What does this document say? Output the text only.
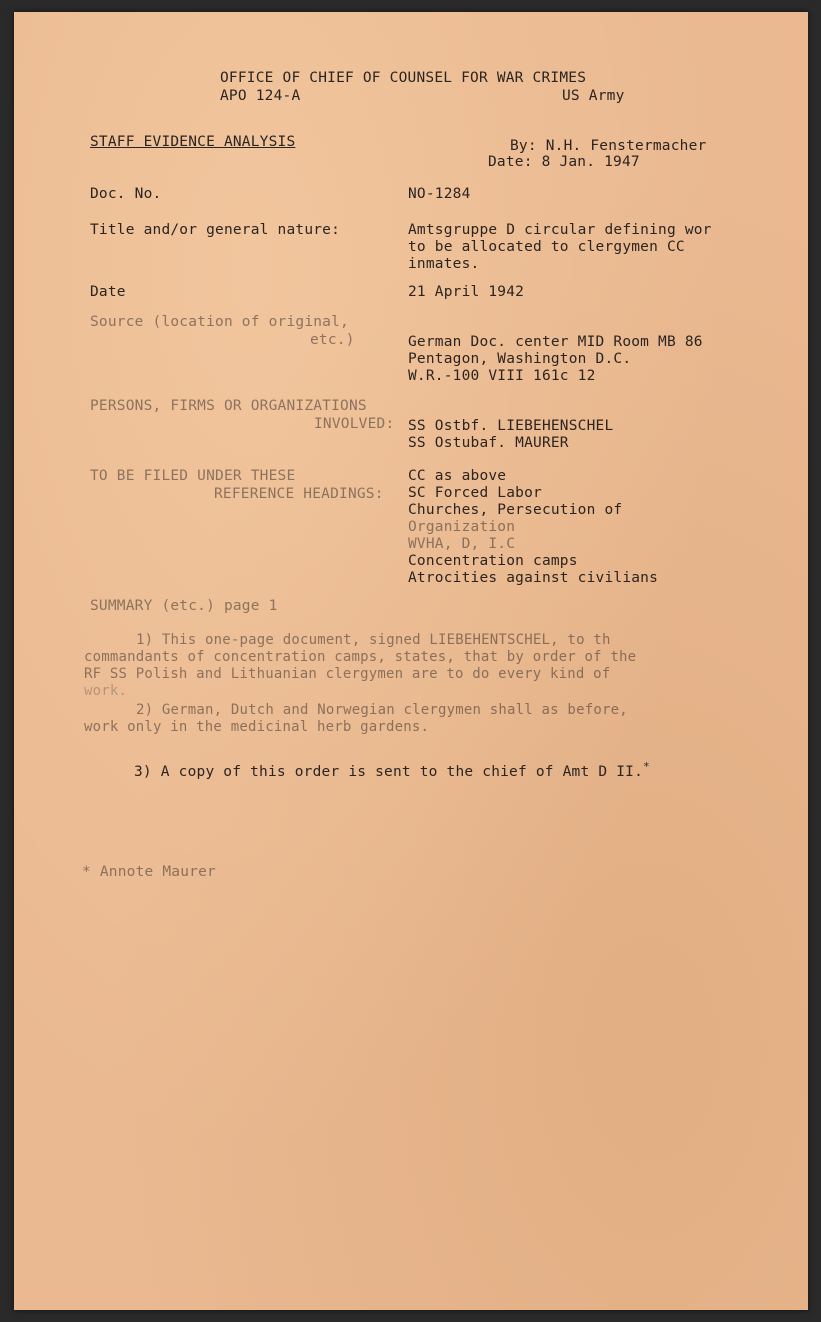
OFFICE OF CHIEF OF COUNSEL FOR WAR CRIMES
APO 124-A	US Army
STAFF EVIDENCE ANALYSIS	By: N.H. Fenstermacher
Date: 8 Jan. 1947
Doc. No.	NO-1284
Title and/or general nature:	Amtsgruppe D circular defining wor
to be allocated to clergymen CC
inmates.
Date	21 April 1942
Source (location of original,
etc.)	German Doc. center MID Room MB 86
Pentagon, Washington D.C.
W.R.-100 VIII 161c 12
PERSONS, FIRMS OR ORGANIZATIONS
INVOLVED: SS Ostbf. LIEBEHENSCHEL
SS Ostubaf. MAURER
TO BE FILED UNDER THESE
REFERENCE HEADINGS:
CC as above
SC Forced Labor
Churches, Persecution of
Organization
WVHA, D, I.C
Concentration camps
Atrocities against civilians
SUMMARY (etc.) page 1
1) This one-page document, signed LIEBEHENTSCHEL, to th
commandants of concentration camps, states, that by order of the
RF SS Polish and Lithuanian clergymen are to do every kind of
work.
2) German, Dutch and Norwegian clergymen shall as before,
work only in the medicinal herb gardens.
3) A copy of this order is sent to the chief of Amt D II.*
* Annote Maurer
